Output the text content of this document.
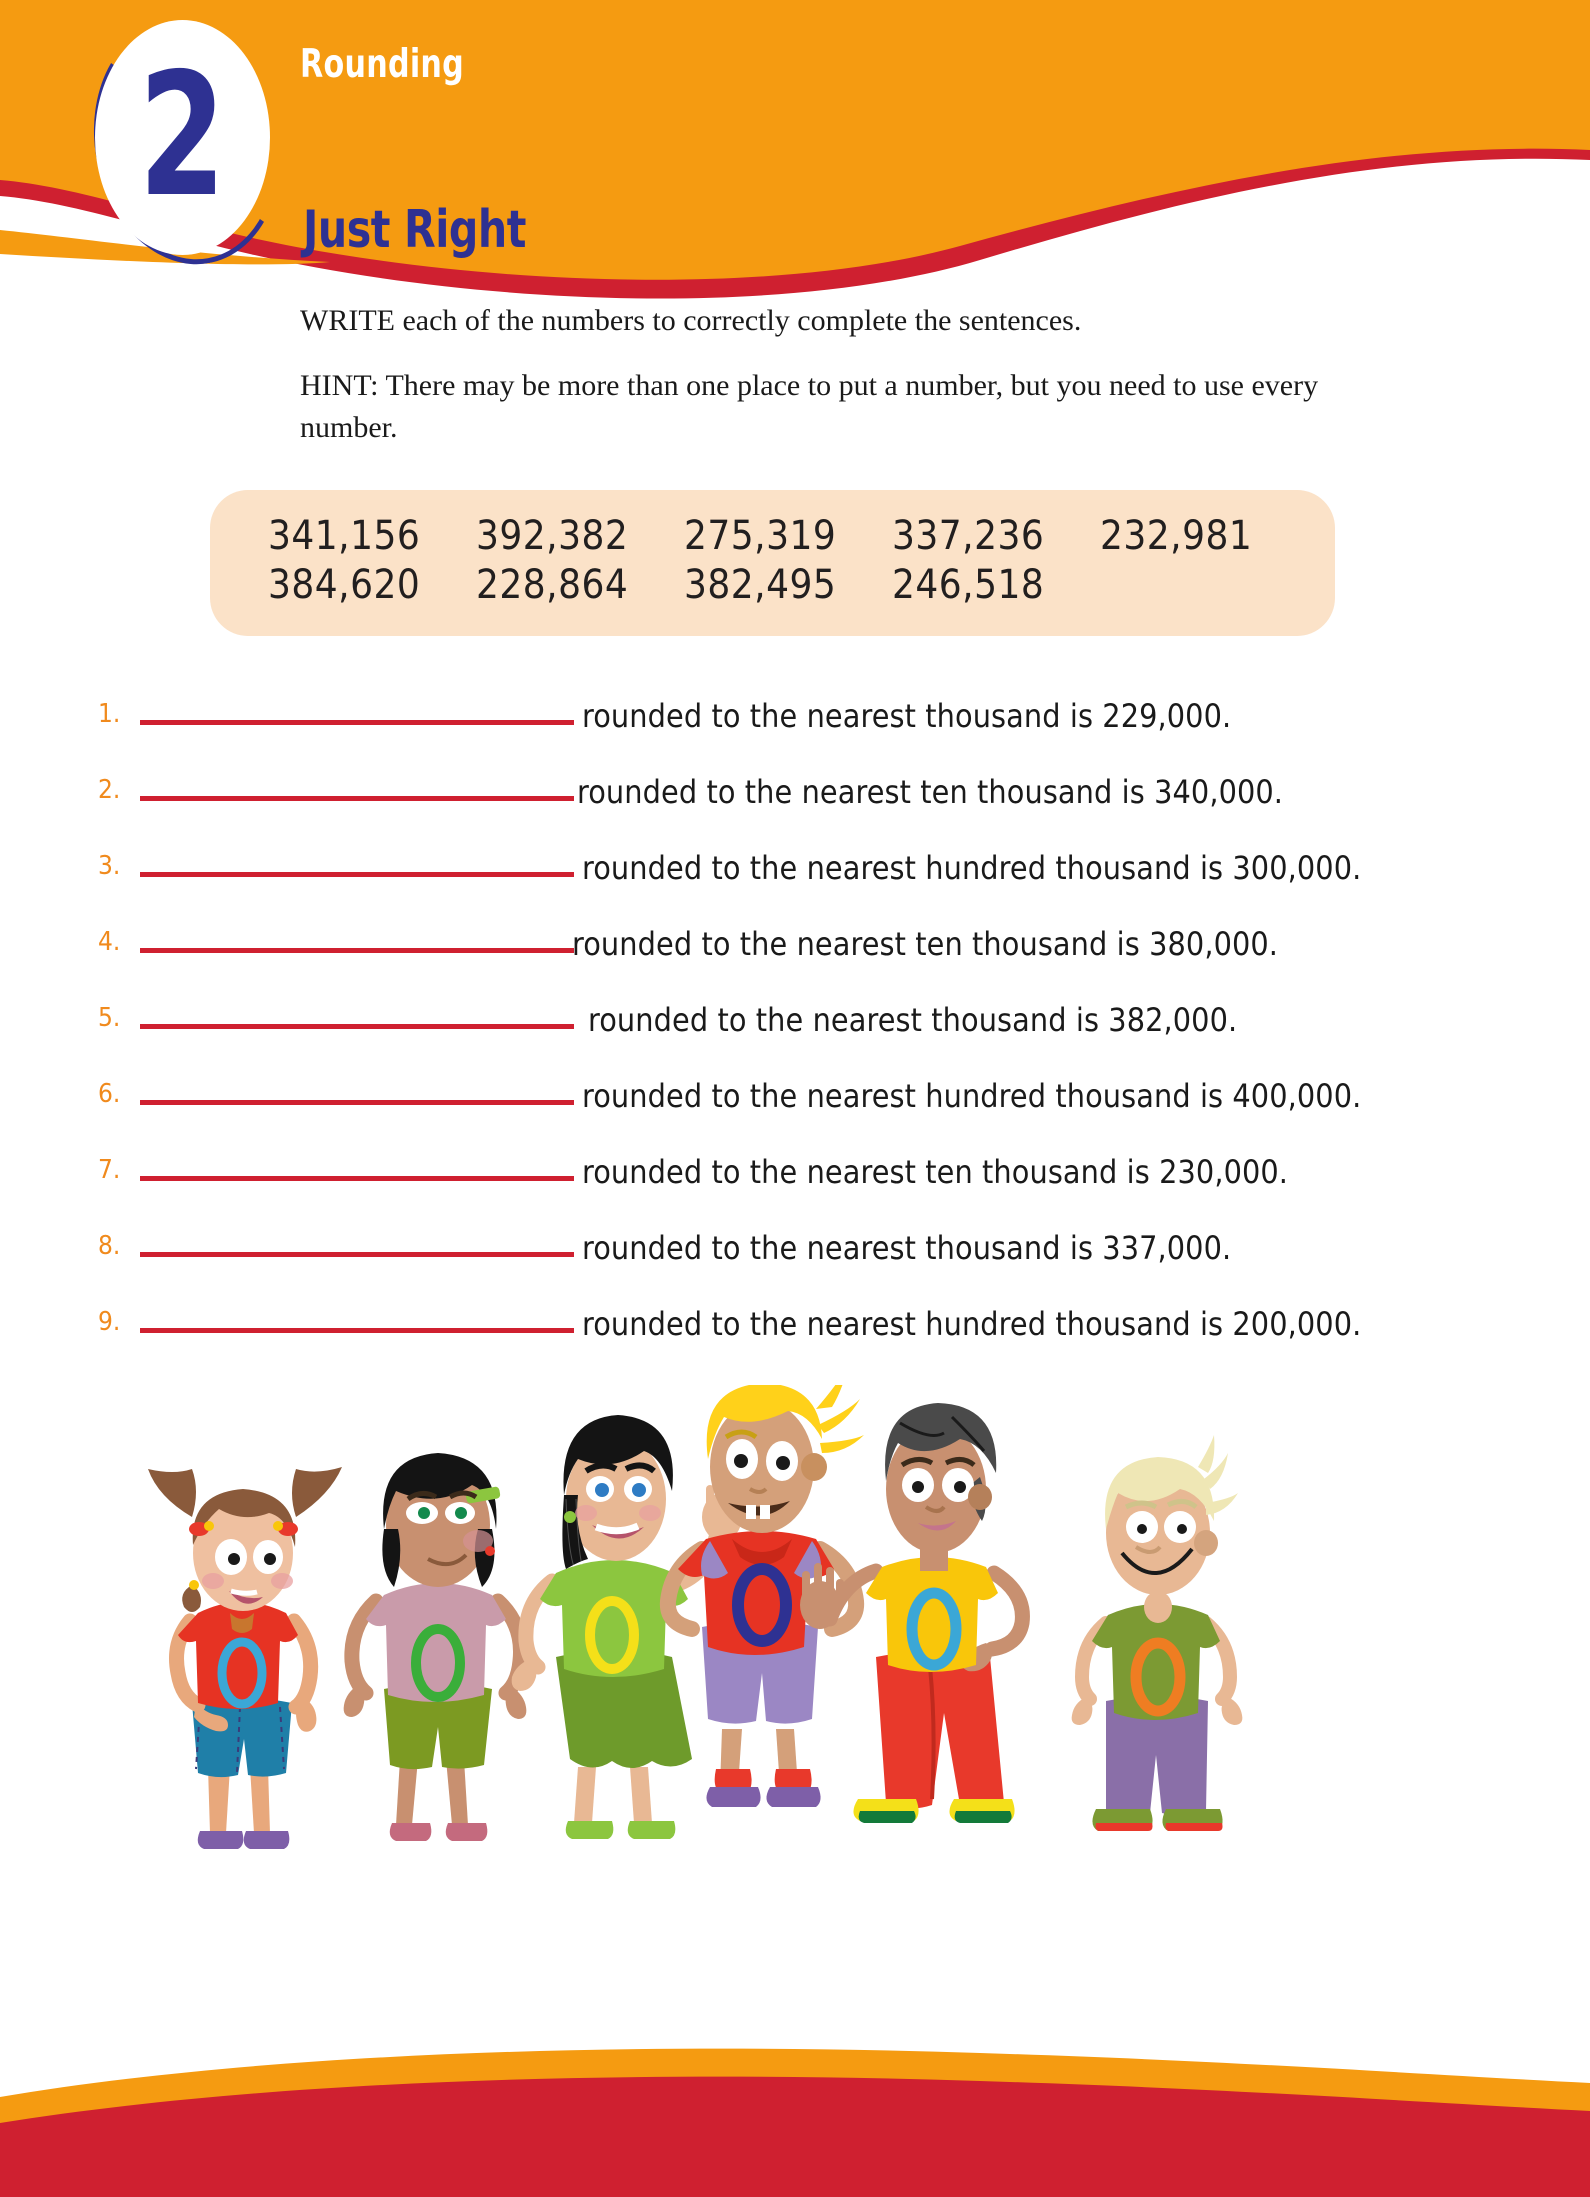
2 Rounding
Just Right

WRITE each of the numbers to correctly complete the sentences.

HINT: There may be more than one place to put a number, but you need to use every number.

341,156	392,382	275,319	337,236	232,981
384,620	228,864	382,495	246,518
1.	rounded to the nearest thousand is 229,000.
2.	rounded to the nearest ten thousand is 340,000.
3.	rounded to the nearest hundred thousand is 300,000.
4.	rounded to the nearest ten thousand is 380,000.
5.	rounded to the nearest thousand is 382,000.
6.	rounded to the nearest hundred thousand is 400,000.
7.	rounded to the nearest ten thousand is 230,000.
8.	rounded to the nearest thousand is 337,000.
9.	rounded to the nearest hundred thousand is 200,000.
